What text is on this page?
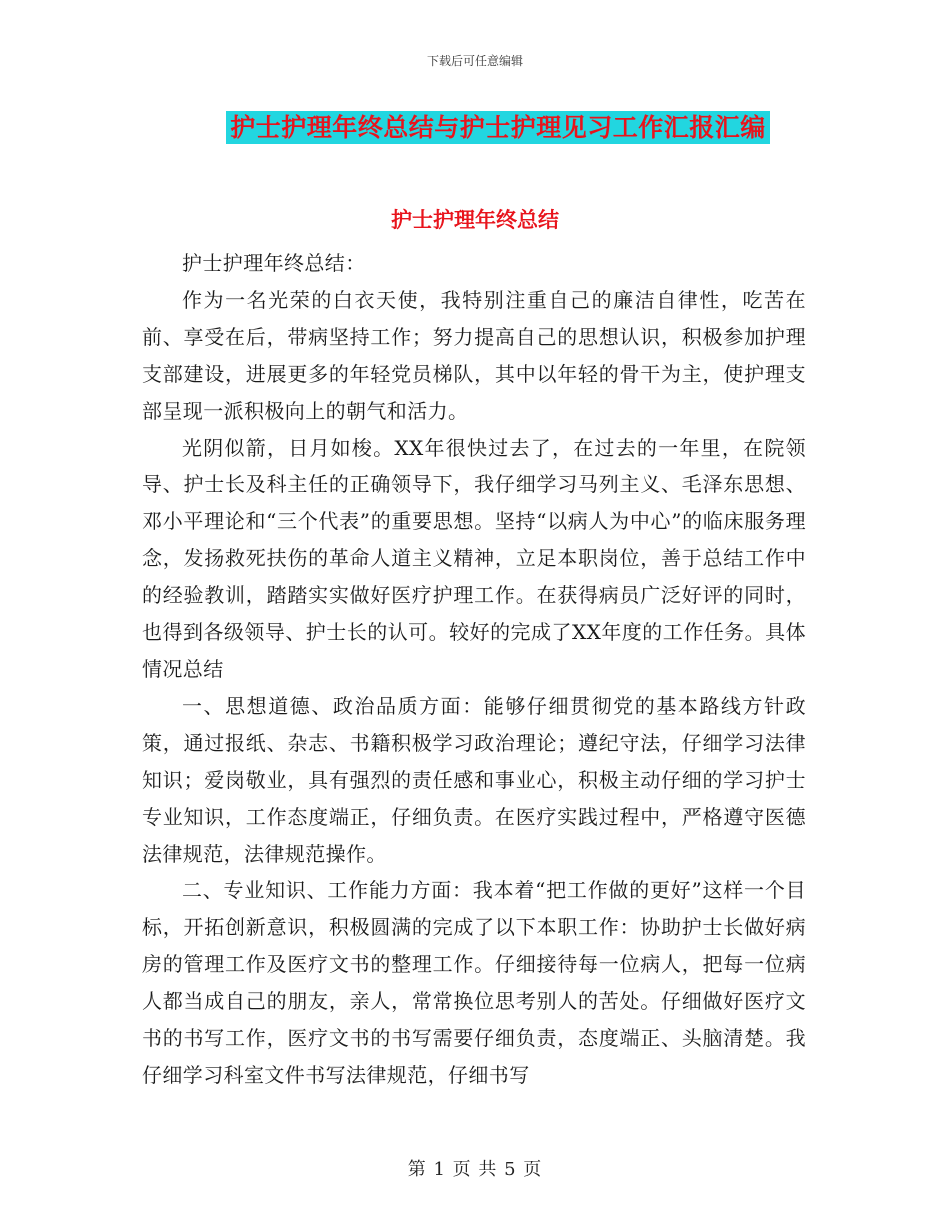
下载后可任意编辑
护士护理年终总结与护士护理见习工作汇报汇编
护士护理年终总结

护士护理年终总结：

作为一名光荣的白衣天使，我特别注重自己的廉洁自律性，吃苦在前、享受在后，带病坚持工作；努力提高自己的思想认识，积极参加护理支部建设，进展更多的年轻党员梯队，其中以年轻的骨干为主，使护理支部呈现一派积极向上的朝气和活力。

光阴似箭，日月如梭。XX年很快过去了，在过去的一年里，在院领导、护士长及科主任的正确领导下，我仔细学习马列主义、毛泽东思想、邓小平理论和“三个代表”的重要思想。坚持“以病人为中心”的临床服务理念，发扬救死扶伤的革命人道主义精神，立足本职岗位，善于总结工作中的经验教训，踏踏实实做好医疗护理工作。在获得病员广泛好评的同时，也得到各级领导、护士长的认可。较好的完成了XX年度的工作任务。具体情况总结

一、思想道德、政治品质方面：能够仔细贯彻党的基本路线方针政策，通过报纸、杂志、书籍积极学习政治理论；遵纪守法，仔细学习法律知识；爱岗敬业，具有强烈的责任感和事业心，积极主动仔细的学习护士专业知识，工作态度端正，仔细负责。在医疗实践过程中，严格遵守医德法律规范，法律规范操作。

二、专业知识、工作能力方面：我本着“把工作做的更好”这样一个目标，开拓创新意识，积极圆满的完成了以下本职工作：协助护士长做好病房的管理工作及医疗文书的整理工作。仔细接待每一位病人，把每一位病人都当成自己的朋友，亲人，常常换位思考别人的苦处。仔细做好医疗文书的书写工作，医疗文书的书写需要仔细负责，态度端正、头脑清楚。我仔细学习科室文件书写法律规范，仔细书写

第 1 页 共 5 页
